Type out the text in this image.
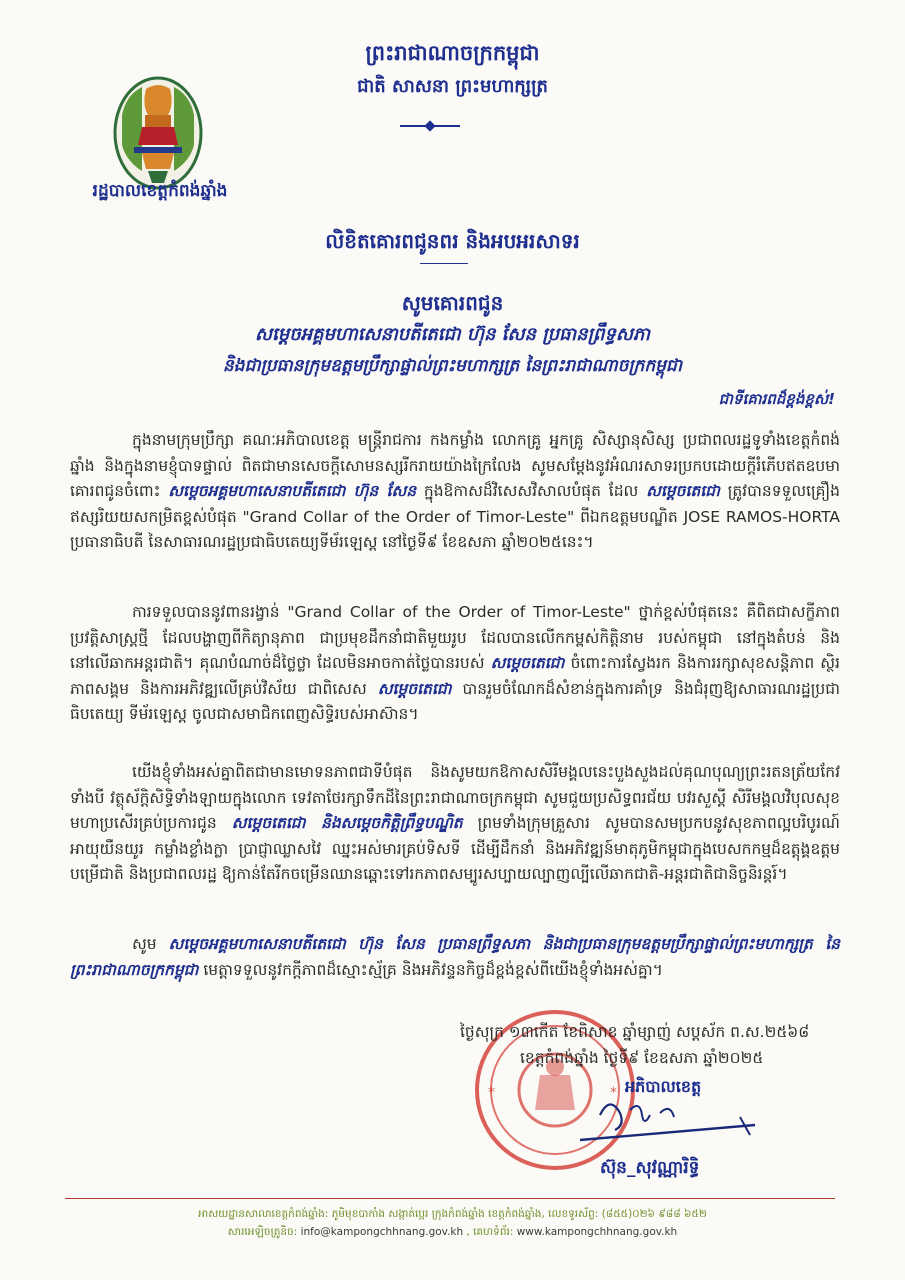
ព្រះរាជាណាចក្រកម្ពុជា
ជាតិ សាសនា ព្រះមហាក្សត្រ
រដ្ឋបាលខេត្តកំពង់ឆ្នាំង
លិខិតគោរពជូនពរ និងអបអរសាទរ
សូមគោរពជូន
សម្តេចអគ្គមហាសេនាបតីតេជោ ហ៊ុន សែន ប្រធានព្រឹទ្ធសភា
និងជាប្រធានក្រុមឧត្តមប្រឹក្សាផ្ទាល់ព្រះមហាក្សត្រ នៃព្រះរាជាណាចក្រកម្ពុជា
ជាទីគោរពដ៏ខ្ពង់ខ្ពស់!

ក្នុងនាមក្រុមប្រឹក្សា គណៈអភិបាលខេត្ត មន្ត្រីរាជការ កងកម្លាំង លោកគ្រូ អ្នកគ្រូ សិស្សានុសិស្ស ប្រជាពលរដ្ឋទូទាំងខេត្តកំពង់ឆ្នាំង និងក្នុងនាមខ្ញុំបាទផ្ទាល់ ពិតជាមានសេចក្តីសោមនស្សរីករាយយ៉ាងក្រៃលែង សូមសម្តែងនូវអំណរសាទរប្រកបដោយក្តីរំភើបឥតឧបមា គោរពជូនចំពោះ សម្តេចអគ្គមហាសេនាបតីតេជោ ហ៊ុន សែន ក្នុងឱកាសដ៏វិសេសវិសាលបំផុត ដែល សម្តេចតេជោ ត្រូវបានទទួលគ្រឿងឥស្សរិយយសកម្រិតខ្ពស់បំផុត "Grand Collar of the Order of Timor-Leste" ពីឯកឧត្តមបណ្ឌិត JOSE RAMOS-HORTA ប្រធានាធិបតី នៃសាធារណរដ្ឋប្រជាធិបតេយ្យទីម័រឡេស្ត នៅថ្ងៃទី៩ ខែឧសភា ឆ្នាំ២០២៥នេះ។

ការទទួលបាននូវពានរង្វាន់ "Grand Collar of the Order of Timor-Leste" ថ្នាក់ខ្ពស់បំផុតនេះ គឺពិតជាសក្ខីភាពប្រវត្តិសាស្ត្រថ្មី ដែលបង្ហាញពីកិត្យានុភាព ជាប្រមុខដឹកនាំជាតិមួយរូប ដែលបានលើកកម្ពស់កិត្តិនាម របស់កម្ពុជា នៅក្នុងតំបន់ និងនៅលើឆាកអន្តរជាតិ។ គុណបំណាច់ដ៏ថ្លៃថ្លា ដែលមិនអាចកាត់ថ្លៃបានរបស់ សម្តេចតេជោ ចំពោះការស្វែងរក និងការរក្សាសុខសន្តិភាព ស្ថិរភាពសង្គម និងការអភិវឌ្ឍលើគ្រប់វិស័យ ជាពិសេស សម្តេចតេជោ បានរួមចំណែកដ៏សំខាន់ក្នុងការគាំទ្រ និងជំរុញឱ្យសាធារណរដ្ឋប្រជាធិបតេយ្យ ទីម័រឡេស្ត ចូលជាសមាជិកពេញសិទ្ធិរបស់អាស៊ាន។

យើងខ្ញុំទាំងអស់គ្នាពិតជាមានមោទនភាពជាទីបំផុត និងសូមយកឱកាសសិរីមង្គលនេះបួងសួងដល់គុណបុណ្យព្រះរតនត្រ័យកែវទាំងបី វត្ថុស័ក្តិសិទ្ធិទាំងឡាយក្នុងលោក ទេវតាថែរក្សាទឹកដីនៃព្រះរាជាណាចក្រកម្ពុជា សូមជួយប្រសិទ្ធពរជ័យ បវរសួស្តី សិរីមង្គលវិបុលសុខ មហាប្រសើរគ្រប់ប្រការជូន សម្តេចតេជោ និងសម្តេចកិត្តិព្រឹទ្ធបណ្ឌិត ព្រមទាំងក្រុមគ្រួសារ សូមបានសមប្រកបនូវសុខភាពល្អបរិបូរណ៍ អាយុយឺនយូរ កម្លាំងខ្លាំងក្លា ប្រាជ្ញាឈ្លាសវៃ ឈ្នះអស់មារគ្រប់ទិសទី ដើម្បីដឹកនាំ និងអភិវឌ្ឍន៍មាតុភូមិកម្ពុជាក្នុងបេសកកម្មដ៏ឧត្តុង្គឧត្តមបម្រើជាតិ និងប្រជាពលរដ្ឋ ឱ្យកាន់តែរីកចម្រើនឈានឆ្ពោះទៅរកភាពសម្បូរសប្បាយល្បាញល្បីលើឆាកជាតិ-អន្តរជាតិជានិច្ចនិរន្តរ៍។

សូម សម្តេចអគ្គមហាសេនាបតីតេជោ ហ៊ុន សែន ប្រធានព្រឹទ្ធសភា និងជាប្រធានក្រុមឧត្តមប្រឹក្សាផ្ទាល់ព្រះមហាក្សត្រ នៃព្រះរាជាណាចក្រកម្ពុជា មេត្តាទទួលនូវកក្តីភាពដ៏ស្មោះស្ម័គ្រ និងអភិវន្ទនកិច្ចដ៏ខ្ពង់ខ្ពស់ពីយើងខ្ញុំទាំងអស់គ្នា។

*	*
ថ្ងៃសុក្រ ១៣កើត ខែពិសាខ ឆ្នាំម្សាញ់ សប្តស័ក ព.ស.២៥៦៨
ខេត្តកំពង់ឆ្នាំង ថ្ងៃទី៩ ខែឧសភា ឆ្នាំ២០២៥
អភិបាលខេត្ត
ស៊ុន_សុវណ្ណារិទ្ធិ
អាសយដ្ឋានសាលាខេត្តកំពង់ឆ្នាំង: ភូមិមុខបាកាំង សង្កាត់ប្អេរ ក្រុងកំពង់ឆ្នាំង ខេត្តកំពង់ឆ្នាំង, លេខទូរស័ព្ទ: (៨៥៥)០២៦ ៩៨៨ ៦៥២
សារអេឡិចត្រូនិច: info@kampongchhnang.gov.kh , គេហទំព័រ: www.kampongchhnang.gov.kh
